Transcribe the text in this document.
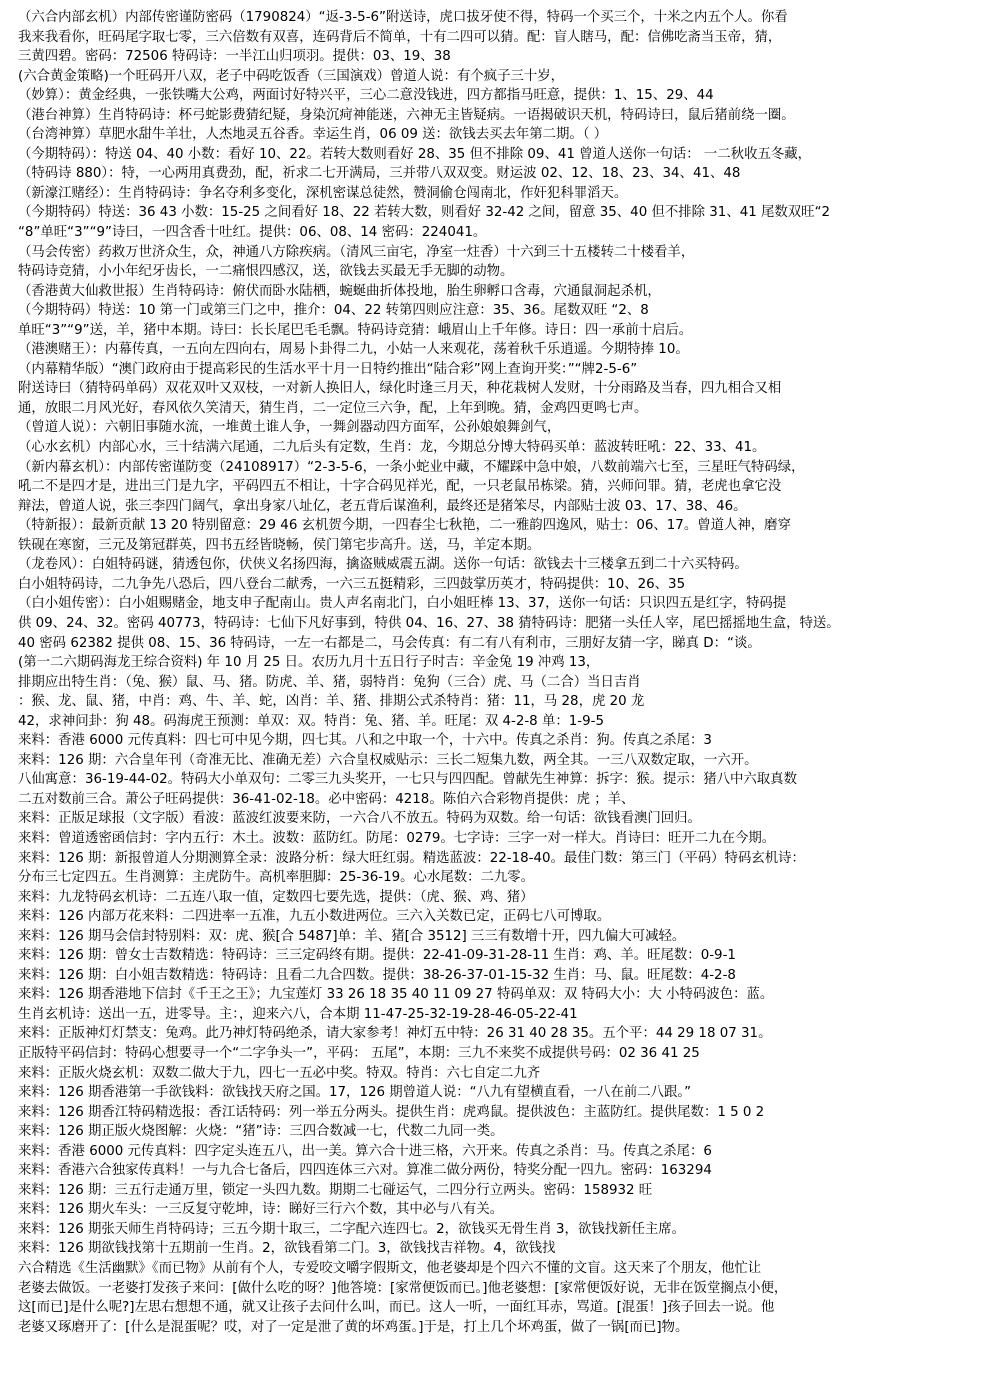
（六合内部玄机）内部传密谨防密码（1790824）“返-3-5-6”附送诗，虎口拔牙使不得，特码一个买三个，十米之内五个人。你看
我来我看你，旺码尾字取七零，三六倍数有双喜，连码背后不简单，十有二四可以猜。配：盲人瞎马，配：信佛吃斋当玉帝，猜，
三黄四碧。密码：72506 特码诗：一半江山归项羽。提供：03、19、38
(六合黄金策略)一个旺码开八双，老子中码吃饭香（三国演戏）曾道人说：有个疯子三十岁，
（妙算）：黄金经典，一张铁嘴大公鸡，两面讨好特兴平，三心二意没钱进，四方都指马旺意，提供：1、15、29、44
（港台神算）生肖特码诗：杯弓蛇影费猜纪疑，身染沉疴神能迷，六神无主皆疑病。一语揭破识天机，特码诗曰，鼠后猪前绕一圈。
（台湾神算）草肥水甜牛羊壮，人杰地灵五谷香。幸运生肖，06 09 送：欲钱去买去年第二期。（ ）
（今期特码）：特送 04、40 小数：看好 10、22。若转大数则看好 28、35 但不排除 09、41 曾道人送你一句话： 一二秋收五冬藏，
（特码诗 880）：特，一心两用真费劲，配，祈求二七开满局，三并带八双双变。财运波 02、12、18、23、34、41、48
（新濠江赌经）：生肖特码诗：争名夺利多变化，深机密谋总徒然，赞洞偷仓闯南北，作奸犯科罪滔天。
（今期特码）特送：36 43 小数：15-25 之间看好 18、22 若转大数，则看好 32-42 之间，留意 35、40 但不排除 31、41 尾数双旺“2
“8”单旺“3”“9”诗曰，一四含香十吐红。提供：06、08、14 密码：224041。
（马会传密）药救万世济众生，众，神通八方除疾病。（清风三亩宅，净室一炷香）十六到三十五楼转二十楼看羊，
特码诗竞猜，小小年纪牙齿长，一二痛恨四感汉，送，欲钱去买最无手无脚的动物。
（香港黄大仙救世报）生肖特码诗：俯伏而卧水陆栖，蜿蜒曲折体投地，胎生卵孵口含毒，穴通鼠洞起杀机，
（今期特码）特送：10 第一门或第三门之中，推介：04、22 转第四则应注意：35、36。尾数双旺 “2、8
单旺“3”“9”送，羊，猪中本期。诗曰：长长尾巴毛毛飘。特码诗竞猜：峨眉山上千年修。诗日：四一承前十启后。
（港澳赌王）：内幕传真，一五向左四向右，周易卜卦得二九，小姑一人来观花，荡着秋千乐逍遥。今期特捧 10。
（内幕精华版）“澳门政府由于提高彩民的生活水平十月一日特约推出“陆合彩”网上查询开奖：”“牌2-5-6”
附送诗曰（猜特码单码）双花双叶又双枝，一对新人换旧人，绿化时逢三月天，种花栽树人发财，十分雨路及当春，四九相合又相
通，放眼二月风光好，春风依久笑清天，猜生肖，二一定位三六争，配，上年到晚。猜，金鸡四更鸣七声。
（曾道人说）：六朝旧事随水流，一堆黄土谁人争，一舞剑器动四方面军，公孙娘娘舞剑气，
（心水玄机）内部心水，三十结满六尾通，二九后头有定数，生肖：龙，今期总分博大特码买单：蓝波转旺吼：22、33、41。
（新内幕玄机）：内部传密谨防变（24108917）“2-3-5-6，一条小蛇业中藏，不耀踩中急中娘，八数前端六七至，三星旺气特码绿，
吼二不是四才是，进出三门是九字，平码四五不相让，十字合码见祥光，配，一只老鼠吊栋梁。猜，兴师问罪。猜，老虎也拿它没
辩法，曾道人说，张三李四门阔气，拿出身家八址亿，老五背后谋渔利，最终还是猪笨尽，内部贴士波 03、17、38、46。
（特新报）：最新贡献 13 20 特别留意：29 46 玄机贺今期，一四春尘七秋艳，二一雅韵四逸风，贴士：06、17。曾道人神，磨穿
铁砚在寒窗，三元及第冠群英，四书五经皆晓畅，侯门第宅步高升。送，马，羊定本期。
（龙卷风）：白姐特码谜，猜透包你，伏侠义名扬四海，擒盗贼威震五湖。送你一句话：欲钱去十三楼拿五到二十六买特码。
白小姐特码诗，二九争先八恐后，四八登台二献秀，一六三五挺精彩，三四鼓掌历英才，特码提供：10、26、35
（白小姐传密）：白小姐赐赌金，地支申子配南山。贵人声名南北门，白小姐旺棒 13、37，送你一句话：只识四五是红字，特码提
供 09、24、32。密码 40773，特码诗：七仙下凡好事到，特供 04、16、27、38 猜特码诗：肥猪一头任人宰，尾巴摇摇地生盒，特送。
40 密码 62382 提供 08、15、36 特码诗，一左一右都是二，马会传真：有二有八有利市，三朋好友猜一字，睇真 D：“谈。
(第一二六期码海龙王综合资料) 年 10 月 25 日。农历九月十五日行子时吉：辛金兔 19 冲鸡 13，
排期应出特生肖：（兔、猴）鼠、马、猪。防虎、羊、猪，弱特肖：兔狗（三合）虎、马（二合）当日吉肖
：猴、龙、鼠、猪，中肖：鸡、牛、羊、蛇，凶肖：羊、猪、排期公式杀特肖：猪：11，马 28，虎 20 龙
42，求神问卦：狗 48。码海虎王预测：单双：双。特肖：兔、猪、羊。旺尾：双 4-2-8 单：1-9-5
来料：香港 6000 元传真料：四七可中见今期，四七其。八和之中取一个，十六中。传真之杀肖：狗。传真之杀尾：3
来料：126 期：六合皇年刊（奇准无比、准确无差）六合皇权威贴示：三长二短集九数，两全其。一三八双数定取，一六开。
八仙寓意：36-19-44-02。特码大小单双句：二零三九头奖开，一七只与四四配。曾献先生神算：拆字：猴。提示：猪八中六取真数
二五对数前三合。萧公子旺码提供：36-41-02-18。必中密码：4218。陈伯六合彩物肖提供：虎 ；羊、
来料：正版足球报（文字版）看波：蓝波红波要来防，一六合八不放五。特码为双数。给一句话：欲钱看澳门回归。
来料：曾道透密函信封：字内五行：木土。波数：蓝防红。防尾：0279。七字诗：三字一对一样大。肖诗曰：旺开二九在今期。
来料：126 期：新报曾道人分期测算全录：波路分析：绿大旺红弱。精选蓝波：22-18-40。最佳门数：第三门（平码）特码玄机诗：
分布三七定四五。生肖测算：主虎防牛。高机率胆脚：25-36-19。心水尾数：二九零。
来料：九龙特码玄机诗：二五连八取一值，定数四七要先选，提供：（虎、猴、鸡、猪）
来料：126 内部万花来料：二四进率一五准，九五小数进两位。三六入关数已定，正码七八可博取。
来料：126 期马会信封特别料：双：虎、猴[合 5487]单：羊、猪[合 3512] 三三有数增十开，四九偏大可减轻。
来料：126 期：曾女士吉数精选：特码诗：三三定码终有期。提供：22-41-09-31-28-11 生肖：鸡、羊。旺尾数：0-9-1
来料：126 期：白小姐吉数精选：特码诗：且看二九合四数。提供：38-26-37-01-15-32 生肖：马、鼠。旺尾数：4-2-8
来料：126 期香港地下信封《千王之王》；九宝莲灯 33 26 18 35 40 11 09 27 特码单双：双 特码大小：大 小特码波色：蓝。
生肖玄机诗：送出一五，进零导。主：，迎来六八，合本期 11-47-25-32-19-28-46-05-22-41
来料：正版神灯灯禁支：兔鸡。此乃神灯特码绝杀，请大家参考！神灯五中特：26 31 40 28 35。五个平：44 29 18 07 31。
正版特平码信封：特码心想要寻一个“二字争头一”，平码： 五尾”，本期：三九不来奖不成提供号码：02 36 41 25
来料：正版火烧玄机：双数二做大于九，四七一五必中奖。特双。特肖：六七自定二九齐
来料：126 期香港第一手欲钱料：欲钱找天府之国。17，126 期曾道人说：“八九有望横直看，一八在前二八跟。”
来料：126 期香江特码精选报：香江话特码：列一举五分两头。提供生肖：虎鸡鼠。提供波色：主蓝防红。提供尾数：1 5 0 2
来料：126 期正版火烧图解：火烧：“猪”诗：三四合数减一七，代数二九同一类。
来料：香港 6000 元传真料：四字定头连五八，出一美。算六合十进三格，六开来。传真之杀肖：马。传真之杀尾：6
来料：香港六合独家传真料！一与九合七备后，四四连体三六对。算准二做分两份，特奖分配一四九。密码：163294
来料：126 期：三五行走通万里，锁定一头四九数。期期二七碰运气，二四分行立两头。密码：158932 旺
来料：126 期火车头：一三反复守乾坤，诗：睇好三行六个数，其中必与八有关。
来料：126 期张天师生肖特码诗；三五今期十取三，二字配六连四七。2，欲钱买无骨生肖 3，欲钱找新任主席。
来料：126 期欲钱找第十五期前一生肖。2，欲钱看第二门。3，欲钱找吉祥物。4，欲钱找
六合精选《生活幽默》《而已物》从前有个人，专爱咬文嚼字假斯文，他老婆却是个四六不懂的文盲。这天来了个朋友，他忙让
老婆去做饭。一老婆打发孩子来问：[做什么吃的呀？]他答境：[家常便饭而已。]他老婆想：[家常便饭好说，无非在饭堂搁点小便，
这[而已]是什么呢?]左思右想想不通，就又让孩子去问什么叫，而已。这人一听，一面红耳赤，骂道。[混蛋！]孩子回去一说。他
老婆又琢磨开了：[什么是混蛋呢？哎，对了一定是泄了黄的坏鸡蛋。]于是，打上几个坏鸡蛋，做了一锅[而已]物。
